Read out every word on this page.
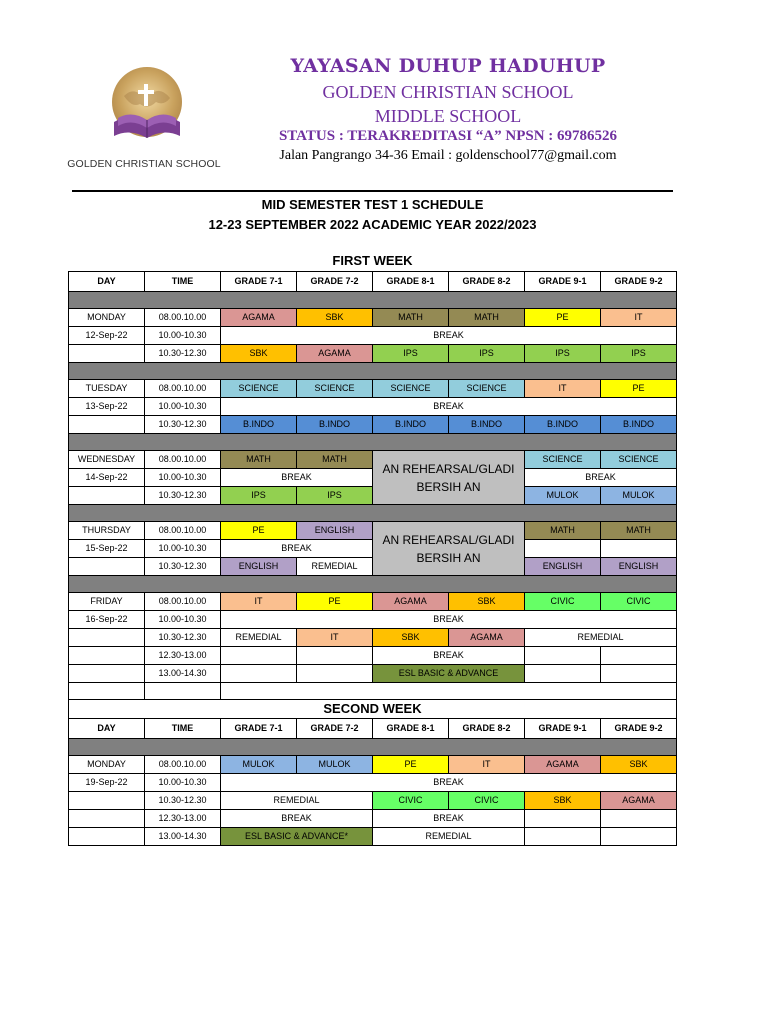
GOLDEN CHRISTIAN SCHOOL
YAYASAN DUHUP HADUHUP
GOLDEN CHRISTIAN SCHOOL
MIDDLE SCHOOL
STATUS : TERAKREDITASI “A” NPSN : 69786526
Jalan Pangrango 34-36 Email : goldenschool77@gmail.com
MID SEMESTER TEST 1 SCHEDULE
12-23 SEPTEMBER 2022 ACADEMIC YEAR 2022/2023
FIRST WEEK
DAY	TIME	GRADE 7-1	GRADE 7-2	GRADE 8-1	GRADE 8-2	GRADE 9-1	GRADE 9-2

MONDAY	08.00.10.00	AGAMA	SBK	MATH	MATH	PE	IT
12-Sep-22	10.00-10.30	BREAK					
	10.30-12.30	SBK	AGAMA	IPS	IPS	IPS	IPS

TUESDAY	08.00.10.00	SCIENCE	SCIENCE	SCIENCE	SCIENCE	IT	PE
13-Sep-22	10.00-10.30	BREAK					
	10.30-12.30	B.INDO	B.INDO	B.INDO	B.INDO	B.INDO	B.INDO

WEDNESDAY	08.00.10.00	MATH	MATH	AN REHEARSAL/GLADI BERSIH AN		SCIENCE	SCIENCE
14-Sep-22	10.00-10.30	BREAK				BREAK	
	10.30-12.30	IPS	IPS			MULOK	MULOK

THURSDAY	08.00.10.00	PE	ENGLISH	AN REHEARSAL/GLADI BERSIH AN		MATH	MATH
15-Sep-22	10.00-10.30	BREAK					
	10.30-12.30	ENGLISH	REMEDIAL			ENGLISH	ENGLISH

FRIDAY	08.00.10.00	IT	PE	AGAMA	SBK	CIVIC	CIVIC
16-Sep-22	10.00-10.30	BREAK					
	10.30-12.30	REMEDIAL	IT	SBK	AGAMA	REMEDIAL	
	12.30-13.00			BREAK			
	13.00-14.30			ESL BASIC & ADVANCE			

SECOND WEEK							
DAY	TIME	GRADE 7-1	GRADE 7-2	GRADE 8-1	GRADE 8-2	GRADE 9-1	GRADE 9-2

MONDAY	08.00.10.00	MULOK	MULOK	PE	IT	AGAMA	SBK
19-Sep-22	10.00-10.30	BREAK					
	10.30-12.30	REMEDIAL		CIVIC	CIVIC	SBK	AGAMA
	12.30-13.00	BREAK		BREAK			
	13.00-14.30	ESL BASIC & ADVANCE*		REMEDIAL			
